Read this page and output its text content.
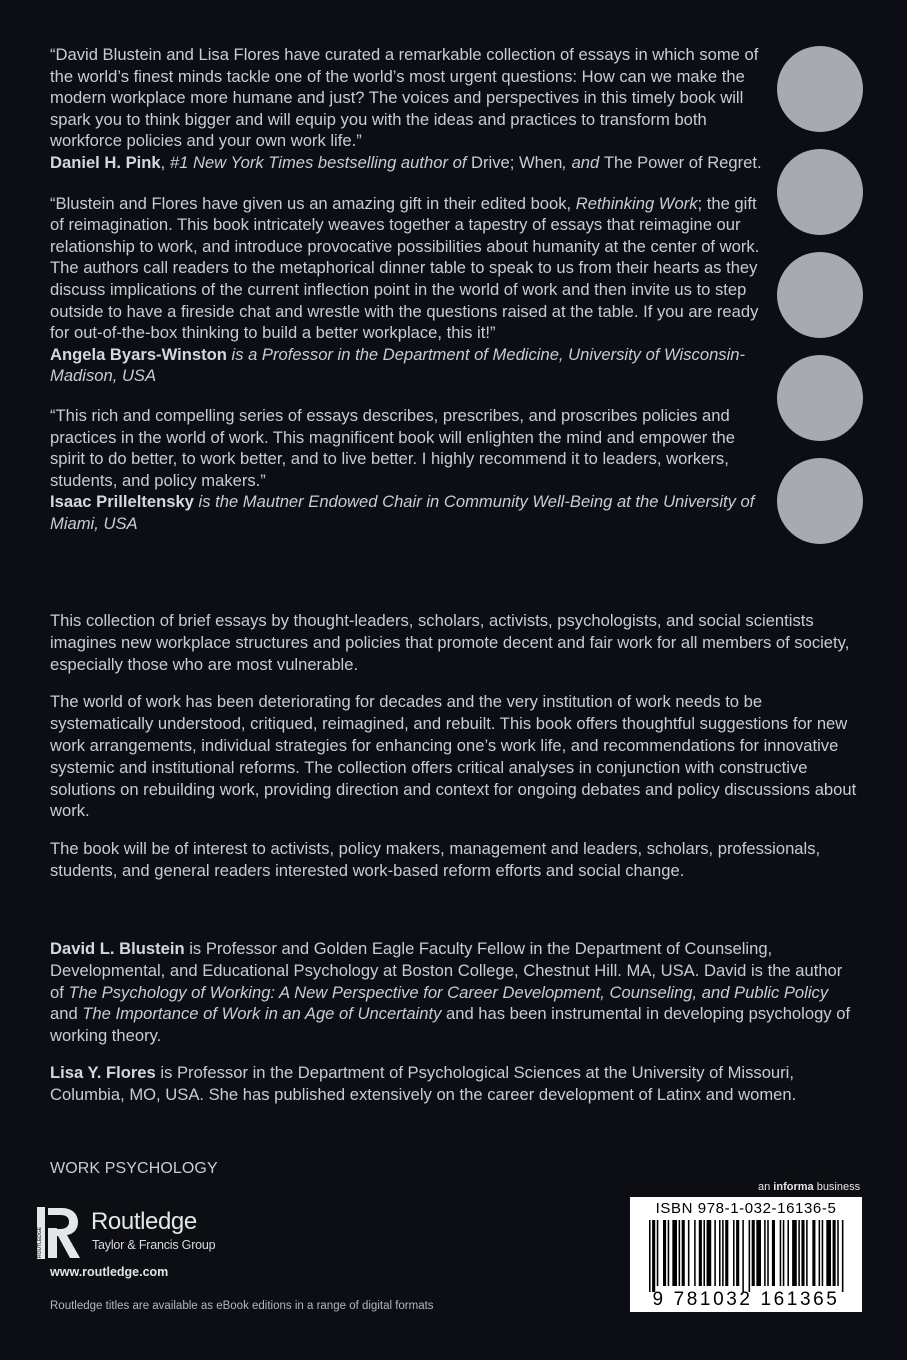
“David Blustein and Lisa Flores have curated a remarkable collection of essays in which some of the world’s finest minds tackle one of the world’s most urgent questions: How can we make the modern workplace more humane and just? The voices and perspectives in this timely book will spark you to think bigger and will equip you with the ideas and practices to transform both workforce policies and your own work life.”
Daniel H. Pink, #1 New York Times bestselling author of Drive; When, and The Power of Regret.

“Blustein and Flores have given us an amazing gift in their edited book, Rethinking Work; the gift of reimagination. This book intricately weaves together a tapestry of essays that reimagine our relationship to work, and introduce provocative possibilities about humanity at the center of work. The authors call readers to the metaphorical dinner table to speak to us from their hearts as they discuss implications of the current inflection point in the world of work and then invite us to step outside to have a fireside chat and wrestle with the questions raised at the table. If you are ready for out-of-the-box thinking to build a better workplace, this it!”
Angela Byars-Winston is a Professor in the Department of Medicine, University of Wisconsin-Madison, USA

“This rich and compelling series of essays describes, prescribes, and proscribes policies and practices in the world of work. This magnificent book will enlighten the mind and empower the spirit to do better, to work better, and to live better. I highly recommend it to leaders, workers, students, and policy makers.”
Isaac Prilleltensky is the Mautner Endowed Chair in Community Well-Being at the University of Miami, USA

This collection of brief essays by thought-leaders, scholars, activists, psychologists, and social scientists imagines new workplace structures and policies that promote decent and fair work for all members of society, especially those who are most vulnerable.

The world of work has been deteriorating for decades and the very institution of work needs to be systematically understood, critiqued, reimagined, and rebuilt. This book offers thoughtful suggestions for new work arrangements, individual strategies for enhancing one’s work life, and recommendations for innovative systemic and institutional reforms. The collection offers critical analyses in conjunction with constructive solutions on rebuilding work, providing direction and context for ongoing debates and policy discussions about work.

The book will be of interest to activists, policy makers, management and leaders, scholars, professionals, students, and general readers interested work-based reform efforts and social change.

David L. Blustein is Professor and Golden Eagle Faculty Fellow in the Department of Counseling, Developmental, and Educational Psychology at Boston College, Chestnut Hill. MA, USA. David is the author of The Psychology of Working: A New Perspective for Career Development, Counseling, and Public Policy and The Importance of Work in an Age of Uncertainty and has been instrumental in developing psychology of working theory.

Lisa Y. Flores is Professor in the Department of Psychological Sciences at the University of Missouri, Columbia, MO, USA. She has published extensively on the career development of Latinx and women.

WORK PSYCHOLOGY
ROUTLEDGE
Routledge
Taylor & Francis Group
www.routledge.com
Routledge titles are available as eBook editions in a range of digital formats
an informa business
ISBN 978-1-032-16136-5
9 781032 161365
